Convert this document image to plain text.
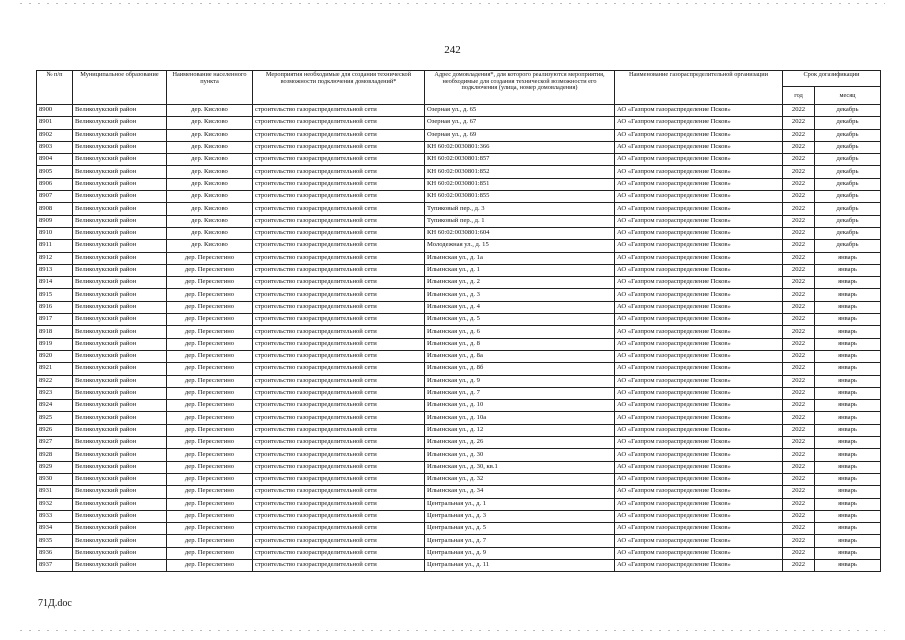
242
№ п/п	Муниципальное образование	Наименование населенного пункта	Мероприятия необходимые для создания технической возможности подключения домовладений*	Адрес домовладения*, для которого реализуются мероприятия, необходимые для создания технической возможности его подключения (улица, номер домовладения)	Наименование газораспределительной организации	Срок догазификации	
						год	месяц
8900	Великолукский район	дер. Кислово	строительство газораспределительной сети	Озерная ул., д. 65	АО «Газпром газораспределение Псков»	2022	декабрь
8901	Великолукский район	дер. Кислово	строительство газораспределительной сети	Озерная ул., д. 67	АО «Газпром газораспределение Псков»	2022	декабрь
8902	Великолукский район	дер. Кислово	строительство газораспределительной сети	Озерная ул., д. 69	АО «Газпром газораспределение Псков»	2022	декабрь
8903	Великолукский район	дер. Кислово	строительство газораспределительной сети	КН 60:02:0030801:366	АО «Газпром газораспределение Псков»	2022	декабрь
8904	Великолукский район	дер. Кислово	строительство газораспределительной сети	КН 60:02:0030801:857	АО «Газпром газораспределение Псков»	2022	декабрь
8905	Великолукский район	дер. Кислово	строительство газораспределительной сети	КН 60:02:0030801:852	АО «Газпром газораспределение Псков»	2022	декабрь
8906	Великолукский район	дер. Кислово	строительство газораспределительной сети	КН 60:02:0030801:851	АО «Газпром газораспределение Псков»	2022	декабрь
8907	Великолукский район	дер. Кислово	строительство газораспределительной сети	КН 60:02:0030801:855	АО «Газпром газораспределение Псков»	2022	декабрь
8908	Великолукский район	дер. Кислово	строительство газораспределительной сети	Тупиковый пер., д. 3	АО «Газпром газораспределение Псков»	2022	декабрь
8909	Великолукский район	дер. Кислово	строительство газораспределительной сети	Тупиковый пер., д. 1	АО «Газпром газораспределение Псков»	2022	декабрь
8910	Великолукский район	дер. Кислово	строительство газораспределительной сети	КН 60:02:0030801:604	АО «Газпром газораспределение Псков»	2022	декабрь
8911	Великолукский район	дер. Кислово	строительство газораспределительной сети	Молодежная ул., д. 15	АО «Газпром газораспределение Псков»	2022	декабрь
8912	Великолукский район	дер. Переслегино	строительство газораспределительной сети	Ильинская ул., д. 1а	АО «Газпром газораспределение Псков»	2022	январь
8913	Великолукский район	дер. Переслегино	строительство газораспределительной сети	Ильинская ул., д. 1	АО «Газпром газораспределение Псков»	2022	январь
8914	Великолукский район	дер. Переслегино	строительство газораспределительной сети	Ильинская ул., д. 2	АО «Газпром газораспределение Псков»	2022	январь
8915	Великолукский район	дер. Переслегино	строительство газораспределительной сети	Ильинская ул., д. 3	АО «Газпром газораспределение Псков»	2022	январь
8916	Великолукский район	дер. Переслегино	строительство газораспределительной сети	Ильинская ул., д. 4	АО «Газпром газораспределение Псков»	2022	январь
8917	Великолукский район	дер. Переслегино	строительство газораспределительной сети	Ильинская ул., д. 5	АО «Газпром газораспределение Псков»	2022	январь
8918	Великолукский район	дер. Переслегино	строительство газораспределительной сети	Ильинская ул., д. 6	АО «Газпром газораспределение Псков»	2022	январь
8919	Великолукский район	дер. Переслегино	строительство газораспределительной сети	Ильинская ул., д. 8	АО «Газпром газораспределение Псков»	2022	январь
8920	Великолукский район	дер. Переслегино	строительство газораспределительной сети	Ильинская ул., д. 8а	АО «Газпром газораспределение Псков»	2022	январь
8921	Великолукский район	дер. Переслегино	строительство газораспределительной сети	Ильинская ул., д. 8б	АО «Газпром газораспределение Псков»	2022	январь
8922	Великолукский район	дер. Переслегино	строительство газораспределительной сети	Ильинская ул., д. 9	АО «Газпром газораспределение Псков»	2022	январь
8923	Великолукский район	дер. Переслегино	строительство газораспределительной сети	Ильинская ул., д. 7	АО «Газпром газораспределение Псков»	2022	январь
8924	Великолукский район	дер. Переслегино	строительство газораспределительной сети	Ильинская ул., д. 10	АО «Газпром газораспределение Псков»	2022	январь
8925	Великолукский район	дер. Переслегино	строительство газораспределительной сети	Ильинская ул., д. 10а	АО «Газпром газораспределение Псков»	2022	январь
8926	Великолукский район	дер. Переслегино	строительство газораспределительной сети	Ильинская ул., д. 12	АО «Газпром газораспределение Псков»	2022	январь
8927	Великолукский район	дер. Переслегино	строительство газораспределительной сети	Ильинская ул., д. 26	АО «Газпром газораспределение Псков»	2022	январь
8928	Великолукский район	дер. Переслегино	строительство газораспределительной сети	Ильинская ул., д. 30	АО «Газпром газораспределение Псков»	2022	январь
8929	Великолукский район	дер. Переслегино	строительство газораспределительной сети	Ильинская ул., д. 30, кв.1	АО «Газпром газораспределение Псков»	2022	январь
8930	Великолукский район	дер. Переслегино	строительство газораспределительной сети	Ильинская ул., д. 32	АО «Газпром газораспределение Псков»	2022	январь
8931	Великолукский район	дер. Переслегино	строительство газораспределительной сети	Ильинская ул., д. 34	АО «Газпром газораспределение Псков»	2022	январь
8932	Великолукский район	дер. Переслегино	строительство газораспределительной сети	Центральная ул., д. 1	АО «Газпром газораспределение Псков»	2022	январь
8933	Великолукский район	дер. Переслегино	строительство газораспределительной сети	Центральная ул., д. 3	АО «Газпром газораспределение Псков»	2022	январь
8934	Великолукский район	дер. Переслегино	строительство газораспределительной сети	Центральная ул., д. 5	АО «Газпром газораспределение Псков»	2022	январь
8935	Великолукский район	дер. Переслегино	строительство газораспределительной сети	Центральная ул., д. 7	АО «Газпром газораспределение Псков»	2022	январь
8936	Великолукский район	дер. Переслегино	строительство газораспределительной сети	Центральная ул., д. 9	АО «Газпром газораспределение Псков»	2022	январь
8937	Великолукский район	дер. Переслегино	строительство газораспределительной сети	Центральная ул., д. 11	АО «Газпром газораспределение Псков»	2022	январь
71Д.doc
